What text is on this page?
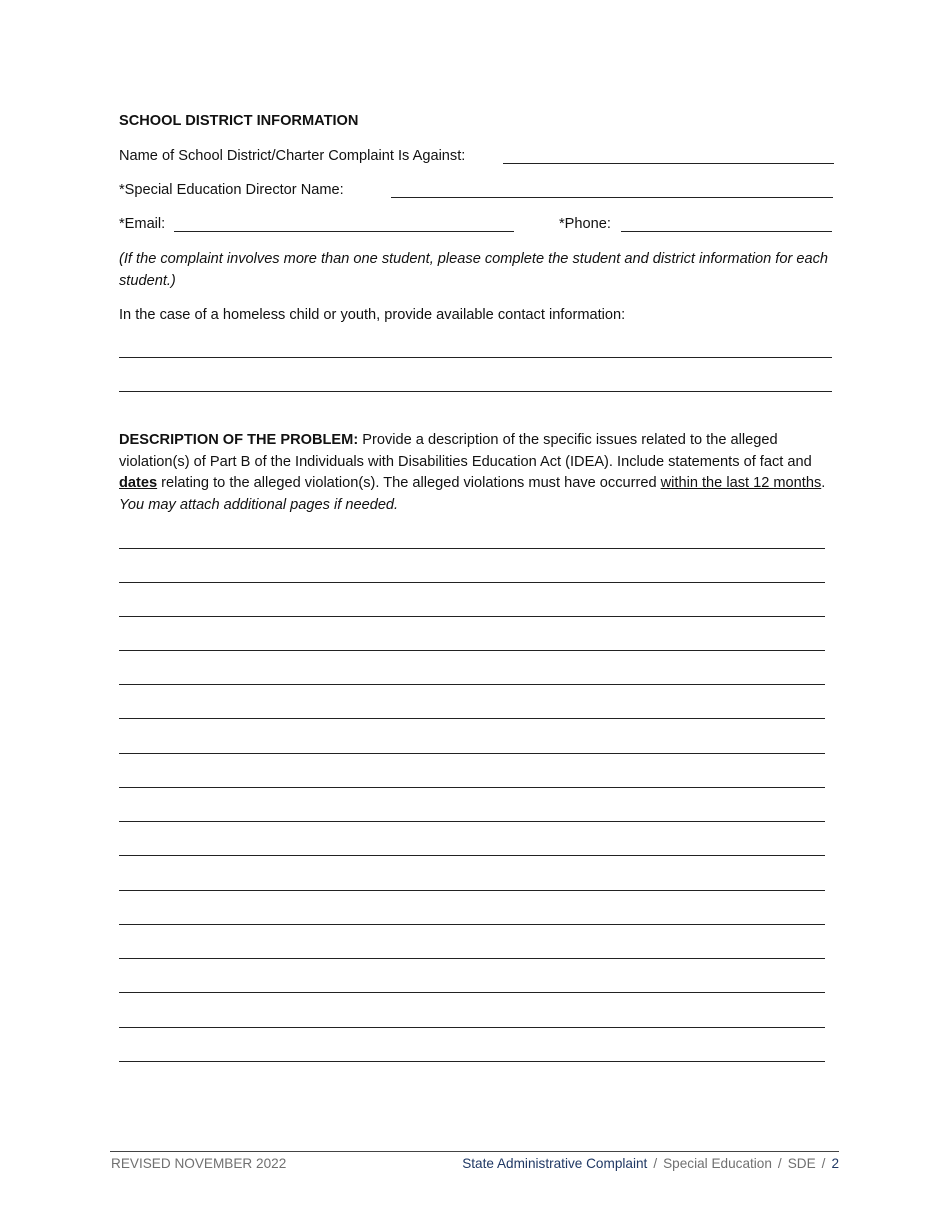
SCHOOL DISTRICT INFORMATION
Name of School District/Charter Complaint Is Against:
*Special Education Director Name:
*Email:	*Phone:
(If the complaint involves more than one student, please complete the student and district information for each student.)
In the case of a homeless child or youth, provide available contact information:
DESCRIPTION OF THE PROBLEM: Provide a description of the specific issues related to the alleged violation(s) of Part B of the Individuals with Disabilities Education Act (IDEA). Include statements of fact and dates relating to the alleged violation(s). The alleged violations must have occurred within the last 12 months. You may attach additional pages if needed.
REVISED NOVEMBER 2022	State Administrative Complaint / Special Education / SDE / 2
